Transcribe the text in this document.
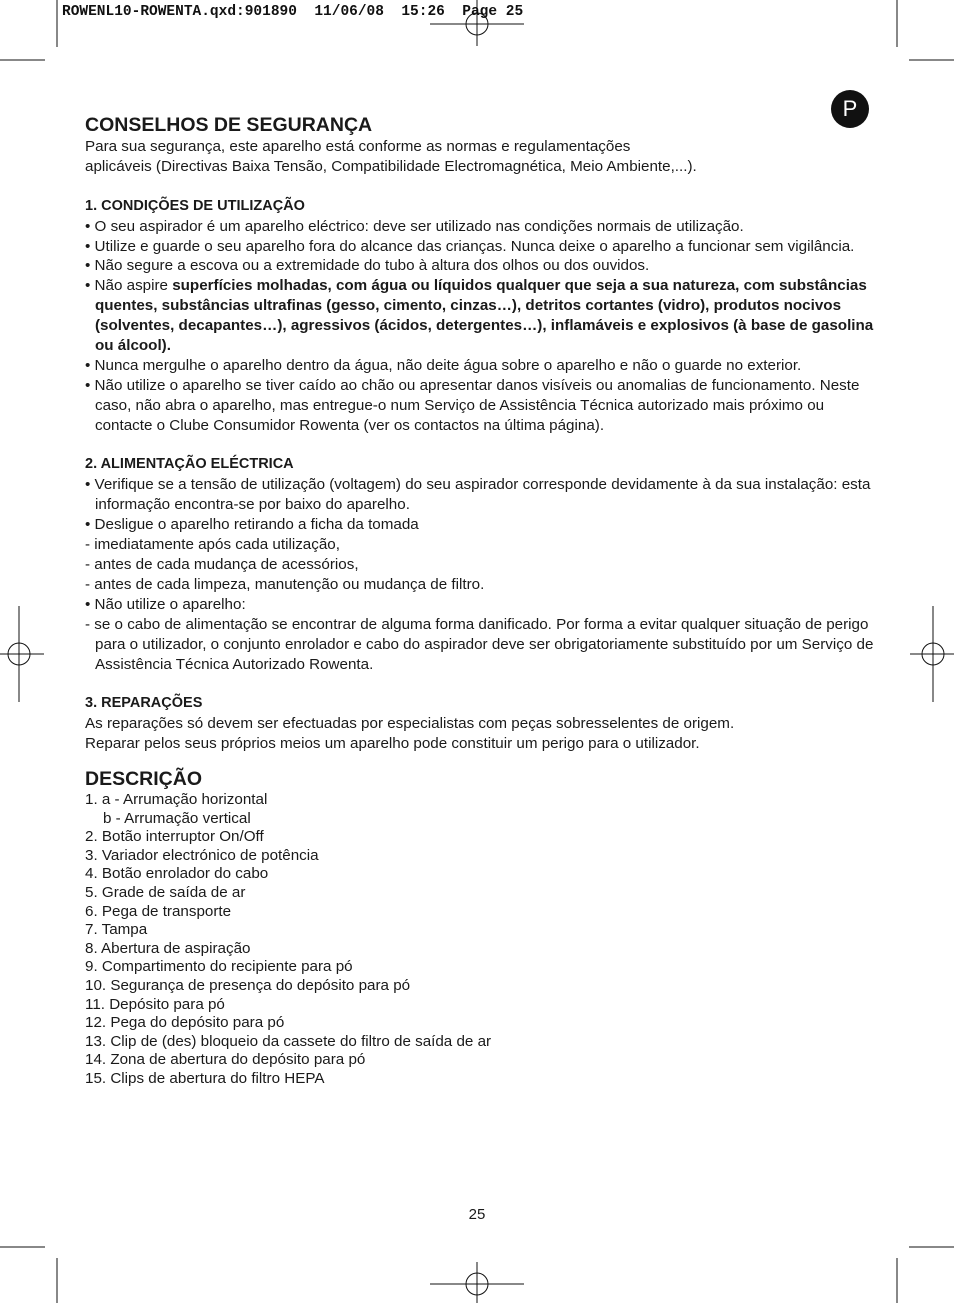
ROWENL10-ROWENTA.qxd:901890  11/06/08  15:26  Page 25
P
CONSELHOS DE SEGURANÇA

Para sua segurança, este aparelho está conforme as normas e regulamentações

aplicáveis (Directivas Baixa Tensão, Compatibilidade Electromagnética, Meio Ambiente,...).

1. CONDIÇÕES DE UTILIZAÇÃO
• O seu aspirador é um aparelho eléctrico: deve ser utilizado nas condições normais de utilização.
• Utilize e guarde o seu aparelho fora do alcance das crianças. Nunca deixe o aparelho a funcionar sem vigilância.
• Não segure a escova ou a extremidade do tubo à altura dos olhos ou dos ouvidos.
• Não aspire superfícies molhadas, com água ou líquidos qualquer que seja a sua natureza, com substâncias quentes, substâncias ultrafinas (gesso, cimento, cinzas…), detritos cortantes (vidro), produtos nocivos (solventes, decapantes…), agressivos (ácidos, detergentes…), inflamáveis e explosivos (à base de gasolina ou álcool).
• Nunca mergulhe o aparelho dentro da água, não deite água sobre o aparelho e não o guarde no exterior.
• Não utilize o aparelho se tiver caído ao chão ou apresentar danos visíveis ou anomalias de funcionamento. Neste caso, não abra o aparelho, mas entregue-o num Serviço de Assistência Técnica autorizado mais próximo ou contacte o Clube Consumidor Rowenta (ver os contactos na última página).
2. ALIMENTAÇÃO ELÉCTRICA
• Verifique se a tensão de utilização (voltagem) do seu aspirador corresponde devidamente à da sua instalação: esta informação encontra-se por baixo do aparelho.
• Desligue o aparelho retirando a ficha da tomada
- imediatamente após cada utilização,
- antes de cada mudança de acessórios,
- antes de cada limpeza, manutenção ou mudança de filtro.
• Não utilize o aparelho:
- se o cabo de alimentação se encontrar de alguma forma danificado. Por forma a evitar qualquer situação de perigo para o utilizador, o conjunto enrolador e cabo do aspirador deve ser obrigatoriamente substituído por um Serviço de Assistência Técnica Autorizado Rowenta.
3. REPARAÇÕES

As reparações só devem ser efectuadas por especialistas com peças sobresselentes de origem.

Reparar pelos seus próprios meios um aparelho pode constituir um perigo para o utilizador.

DESCRIÇÃO
1. a - Arrumação horizontal
b - Arrumação vertical
2. Botão interruptor On/Off
3. Variador electrónico de potência
4. Botão enrolador do cabo
5. Grade de saída de ar
6. Pega de transporte
7. Tampa
8. Abertura de aspiração
9. Compartimento do recipiente para pó
10. Segurança de presença do depósito para pó
11. Depósito para pó
12. Pega do depósito para pó
13. Clip de (des) bloqueio da cassete do filtro de saída de ar
14. Zona de abertura do depósito para pó
15. Clips de abertura do filtro HEPA
25
